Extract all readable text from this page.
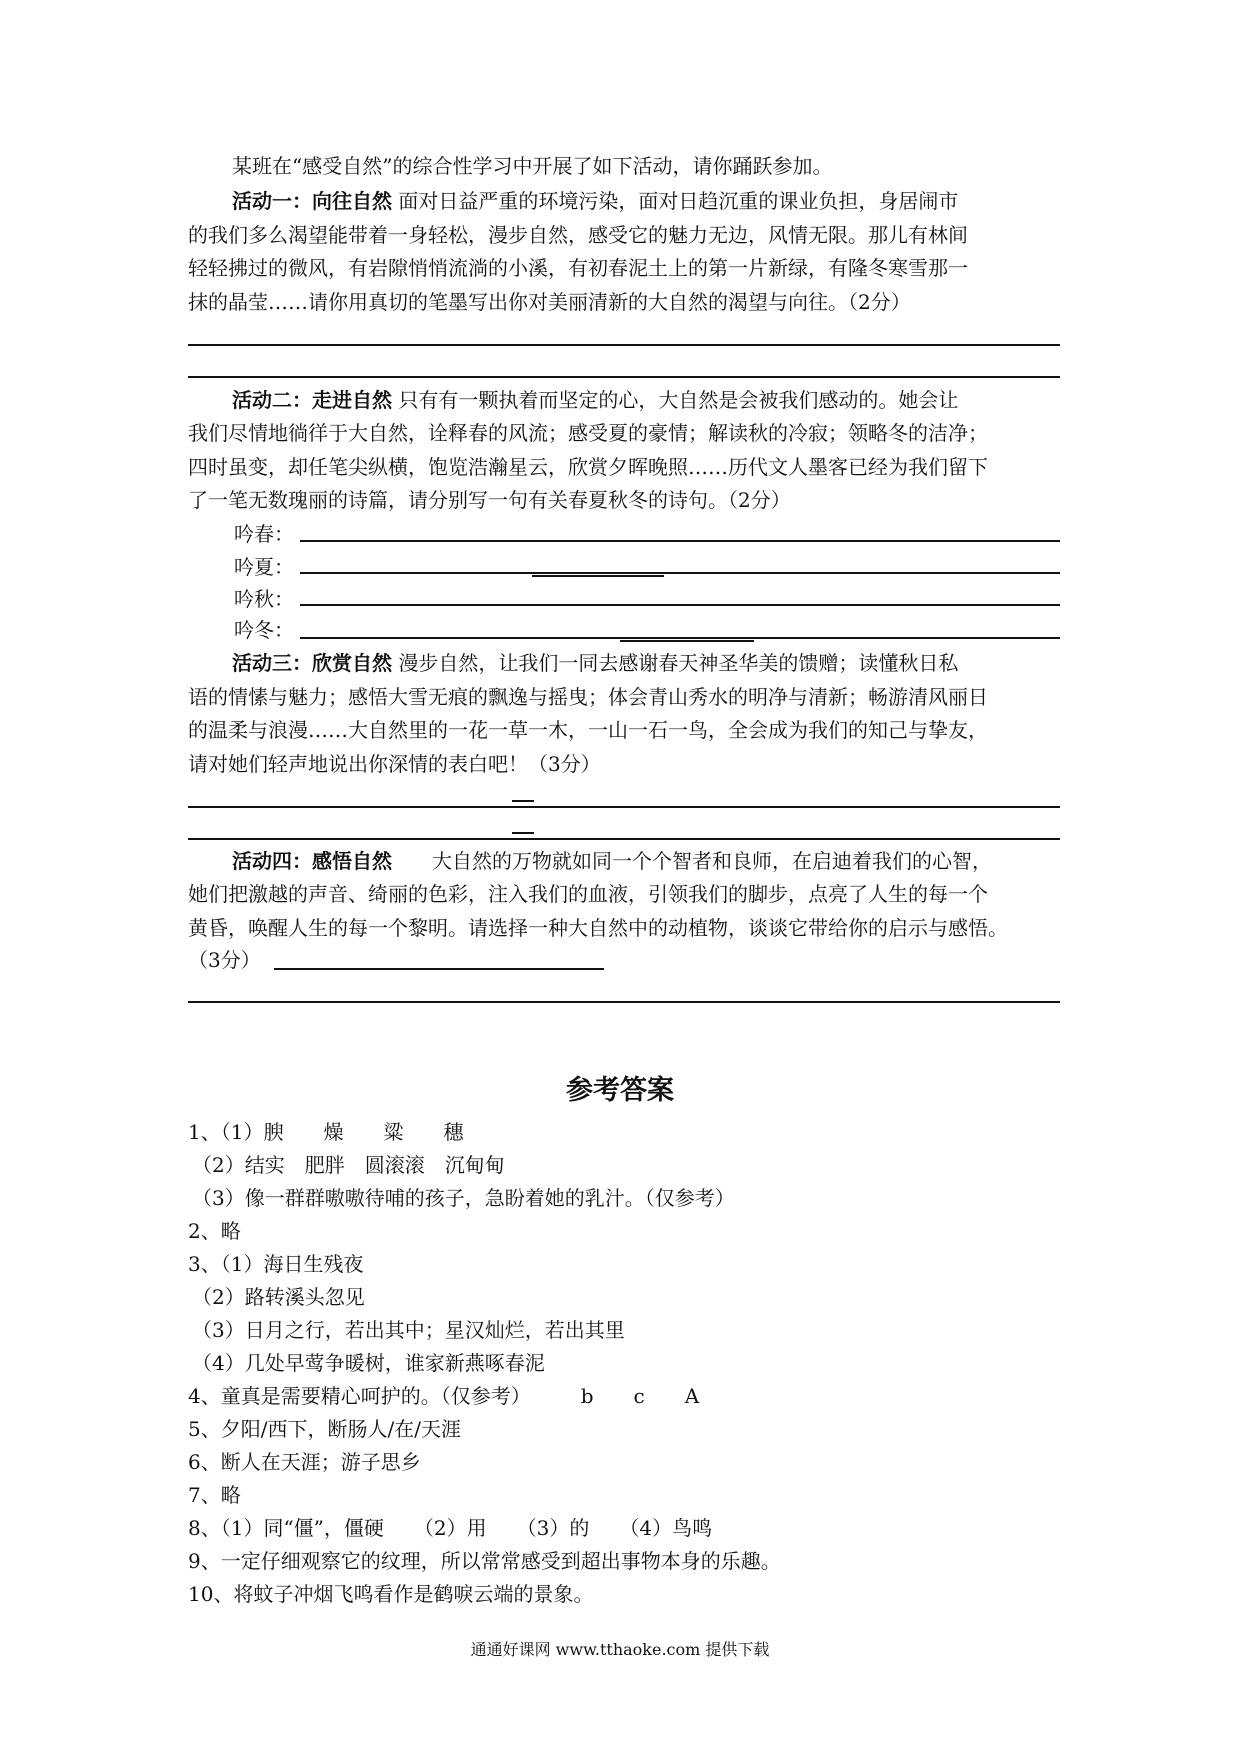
某班在“感受自然”的综合性学习中开展了如下活动，请你踊跃参加。
活动一：向往自然 面对日益严重的环境污染，面对日趋沉重的课业负担，身居闹市
的我们多么渴望能带着一身轻松，漫步自然，感受它的魅力无边，风情无限。那儿有林间
轻轻拂过的微风，有岩隙悄悄流淌的小溪，有初春泥土上的第一片新绿，有隆冬寒雪那一
抹的晶莹……请你用真切的笔墨写出你对美丽清新的大自然的渴望与向往。（2分）
活动二：走进自然 只有有一颗执着而坚定的心，大自然是会被我们感动的。她会让
我们尽情地徜徉于大自然，诠释春的风流；感受夏的豪情；解读秋的冷寂；领略冬的洁净；
四时虽变，却任笔尖纵横，饱览浩瀚星云，欣赏夕晖晚照……历代文人墨客已经为我们留下
了一笔无数瑰丽的诗篇，请分别写一句有关春夏秋冬的诗句。（2分）
吟春：
吟夏：
吟秋：
吟冬：
活动三：欣赏自然 漫步自然，让我们一同去感谢春天神圣华美的馈赠；读懂秋日私
语的情愫与魅力；感悟大雪无痕的飘逸与摇曳；体会青山秀水的明净与清新；畅游清风丽日
的温柔与浪漫……大自然里的一花一草一木，一山一石一鸟，全会成为我们的知己与挚友，
请对她们轻声地说出你深情的表白吧！（3分）
活动四：感悟自然　　大自然的万物就如同一个个智者和良师，在启迪着我们的心智，
她们把激越的声音、绮丽的色彩，注入我们的血液，引领我们的脚步，点亮了人生的每一个
黄昏，唤醒人生的每一个黎明。请选择一种大自然中的动植物，谈谈它带给你的启示与感悟。
（3分）
参考答案
1、（1）腴　　燥　　粱　　穗
（2）结实　肥胖　圆滚滚　沉甸甸
（3）像一群群嗷嗷待哺的孩子，急盼着她的乳汁。（仅参考）
2、略
3、（1）海日生残夜
（2）路转溪头忽见
（3）日月之行，若出其中；星汉灿烂，若出其里
（4）几处早莺争暖树，谁家新燕啄春泥
4、童真是需要精心呵护的。（仅参考）　　　b　　c　　A
5、夕阳/西下，断肠人/在/天涯
6、断人在天涯；游子思乡
7、略
8、（1）同“僵”，僵硬　　（2）用　　（3）的　　（4）鸟鸣
9、一定仔细观察它的纹理，所以常常感受到超出事物本身的乐趣。
10、将蚊子冲烟飞鸣看作是鹤唳云端的景象。
通通好课网 www.tthaoke.com 提供下载
